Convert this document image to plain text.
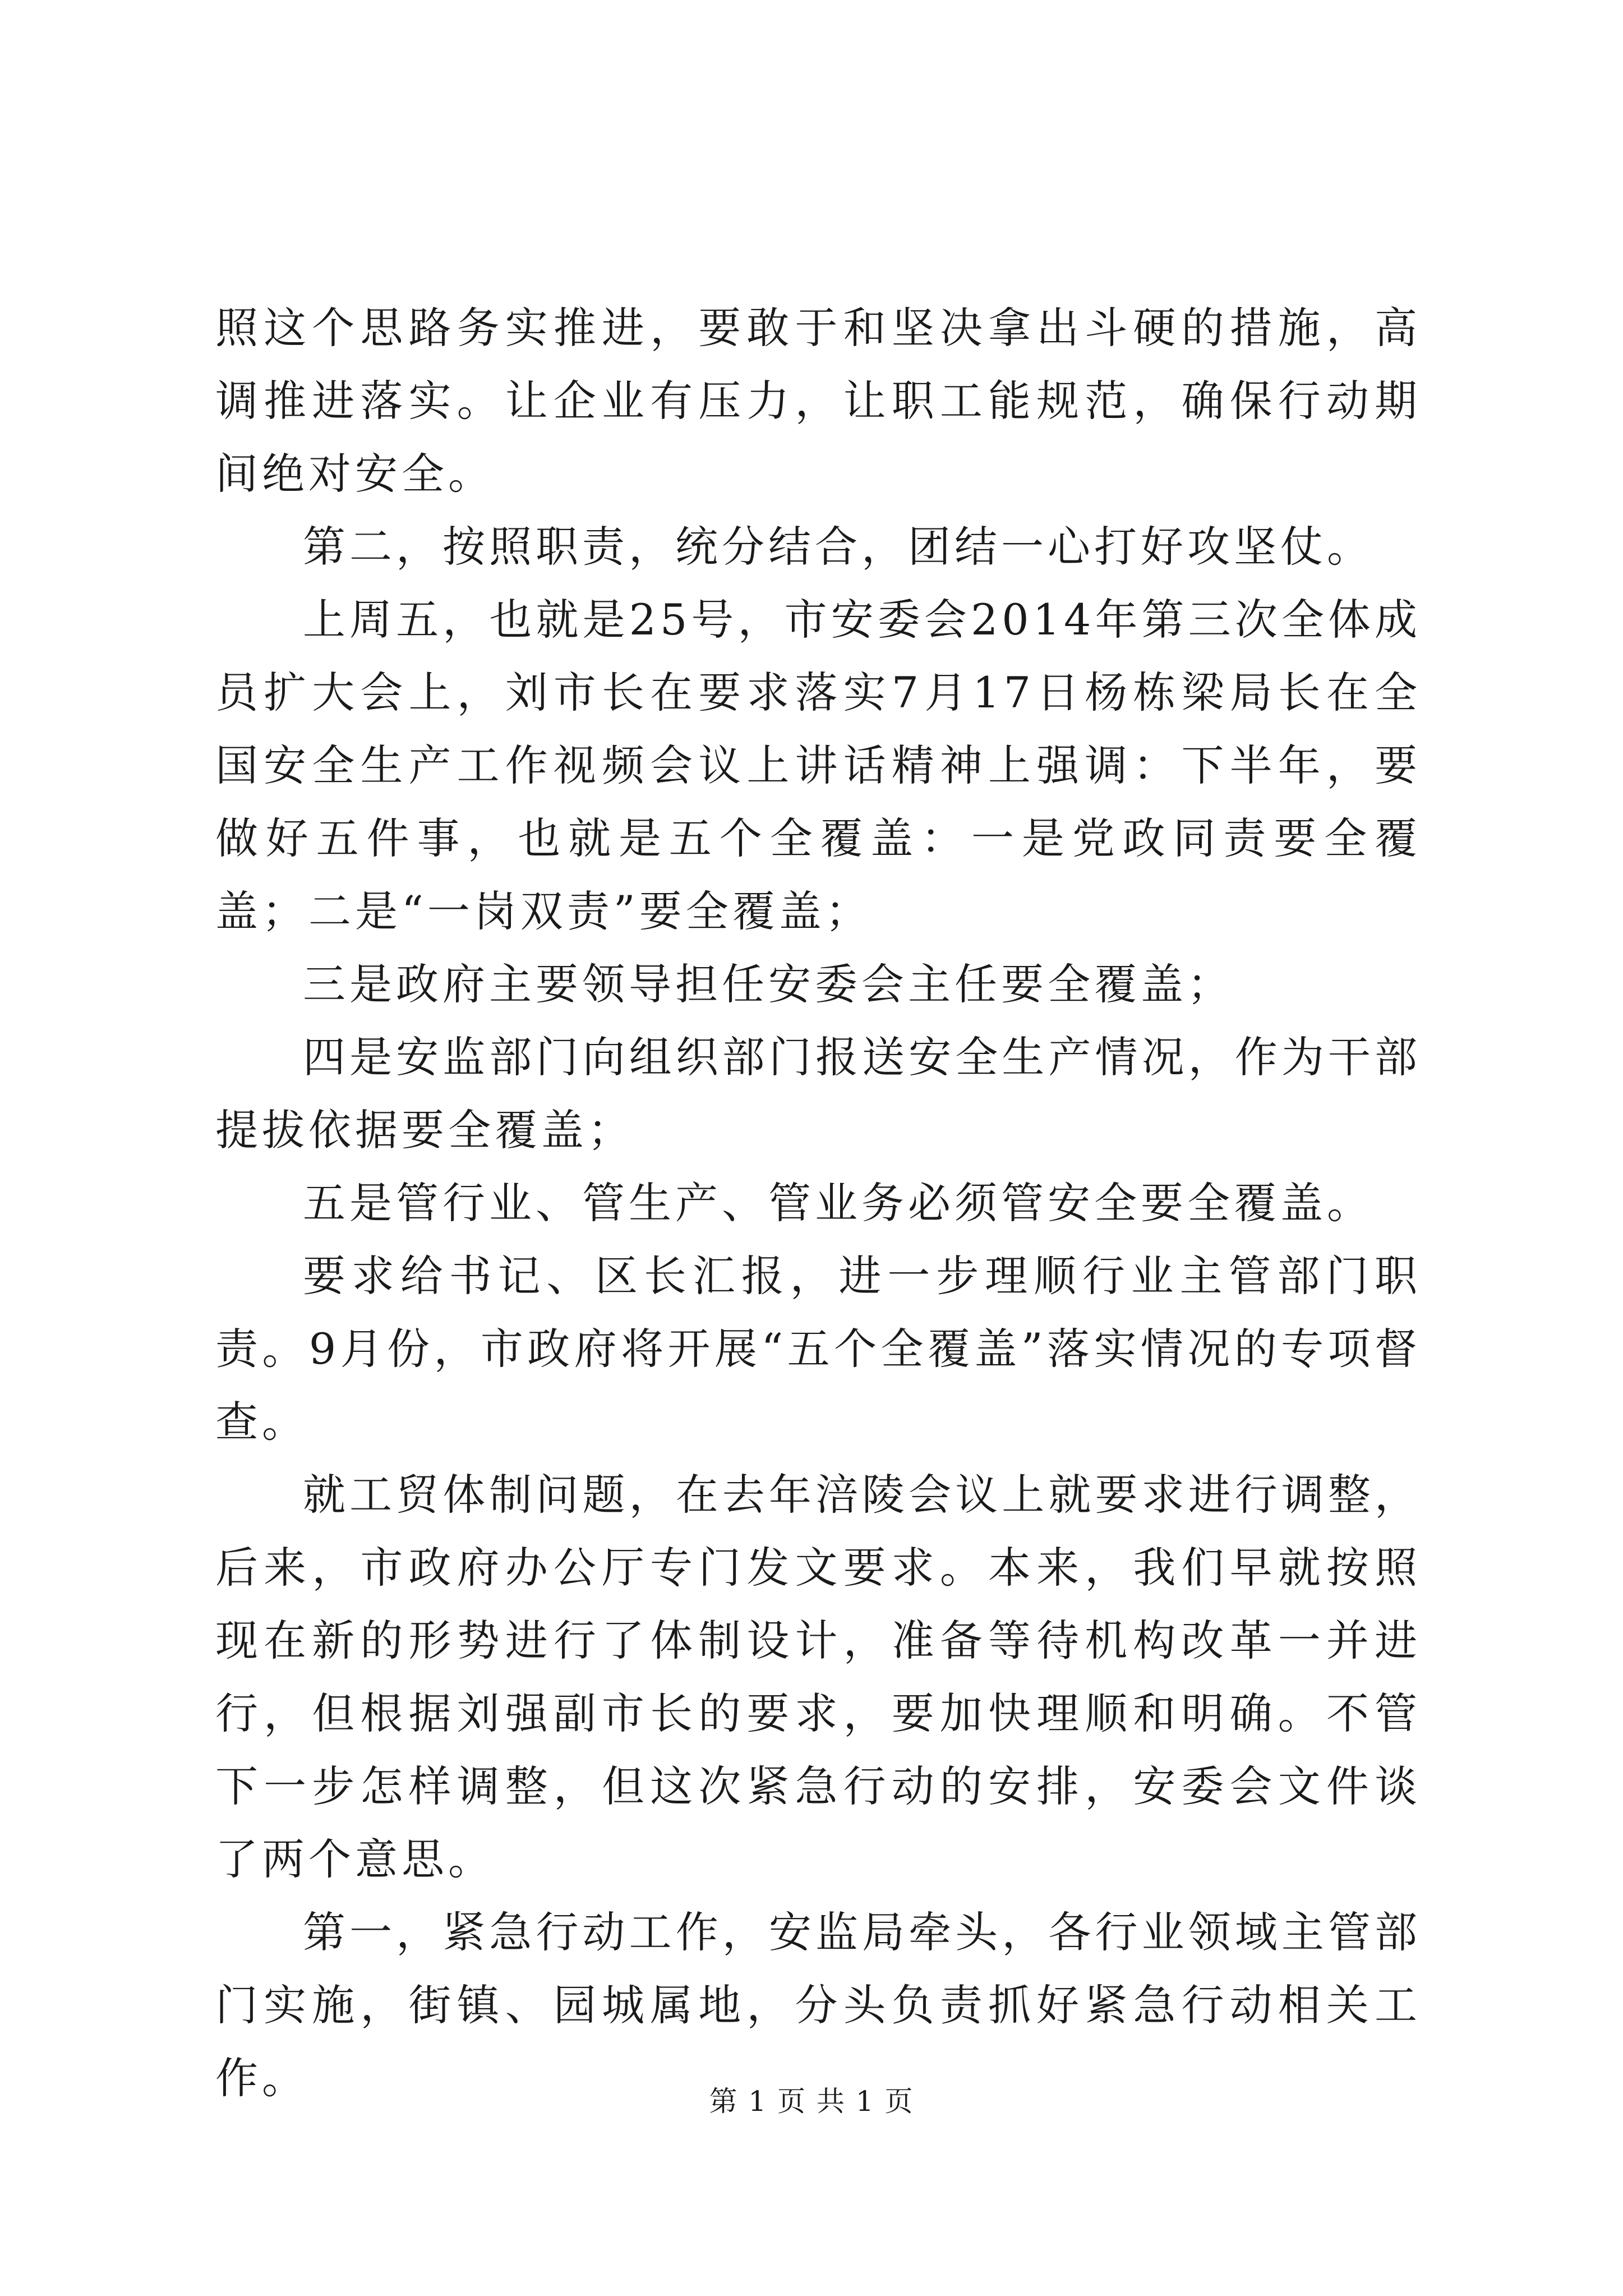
照这个思路务实推进，要敢于和坚决拿出斗硬的措施，高调推进落实。让企业有压力，让职工能规范，确保行动期间绝对安全。

第二，按照职责，统分结合，团结一心打好攻坚仗。

上周五，也就是25号，市安委会2014年第三次全体成员扩大会上，刘市长在要求落实7月17日杨栋梁局长在全国安全生产工作视频会议上讲话精神上强调：下半年，要做好五件事，也就是五个全覆盖：一是党政同责要全覆盖；二是“一岗双责”要全覆盖；

三是政府主要领导担任安委会主任要全覆盖；

四是安监部门向组织部门报送安全生产情况，作为干部提拔依据要全覆盖；

五是管行业、管生产、管业务必须管安全要全覆盖。

要求给书记、区长汇报，进一步理顺行业主管部门职责。9月份，市政府将开展“五个全覆盖”落实情况的专项督查。

就工贸体制问题，在去年涪陵会议上就要求进行调整，后来，市政府办公厅专门发文要求。本来，我们早就按照现在新的形势进行了体制设计，准备等待机构改革一并进行，但根据刘强副市长的要求，要加快理顺和明确。不管下一步怎样调整，但这次紧急行动的安排，安委会文件谈了两个意思。

第一，紧急行动工作，安监局牵头，各行业领域主管部门实施，街镇、园城属地，分头负责抓好紧急行动相关工作。	第 1 页 共 1 页
